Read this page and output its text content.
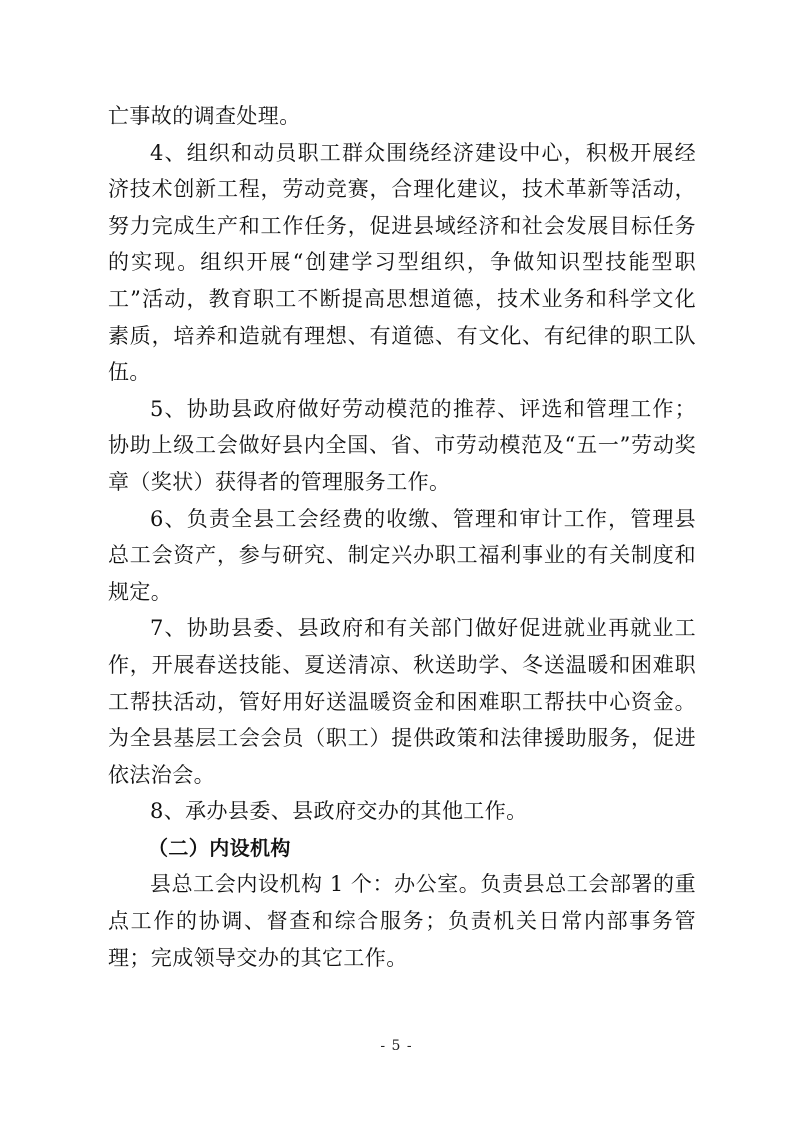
亡事故的调查处理。

4、组织和动员职工群众围绕经济建设中心，积极开展经济技术创新工程，劳动竞赛，合理化建议，技术革新等活动，努力完成生产和工作任务，促进县域经济和社会发展目标任务的实现。组织开展“创建学习型组织，争做知识型技能型职工”活动，教育职工不断提高思想道德，技术业务和科学文化素质，培养和造就有理想、有道德、有文化、有纪律的职工队伍。

5、协助县政府做好劳动模范的推荐、评选和管理工作；协助上级工会做好县内全国、省、市劳动模范及“五一”劳动奖章（奖状）获得者的管理服务工作。

6、负责全县工会经费的收缴、管理和审计工作，管理县总工会资产，参与研究、制定兴办职工福利事业的有关制度和规定。

7、协助县委、县政府和有关部门做好促进就业再就业工作，开展春送技能、夏送清凉、秋送助学、冬送温暖和困难职工帮扶活动，管好用好送温暖资金和困难职工帮扶中心资金。为全县基层工会会员（职工）提供政策和法律援助服务，促进依法治会。

8、承办县委、县政府交办的其他工作。

（二）内设机构

县总工会内设机构 1 个：办公室。负责县总工会部署的重点工作的协调、督查和综合服务；负责机关日常内部事务管理；完成领导交办的其它工作。

- 5 -
